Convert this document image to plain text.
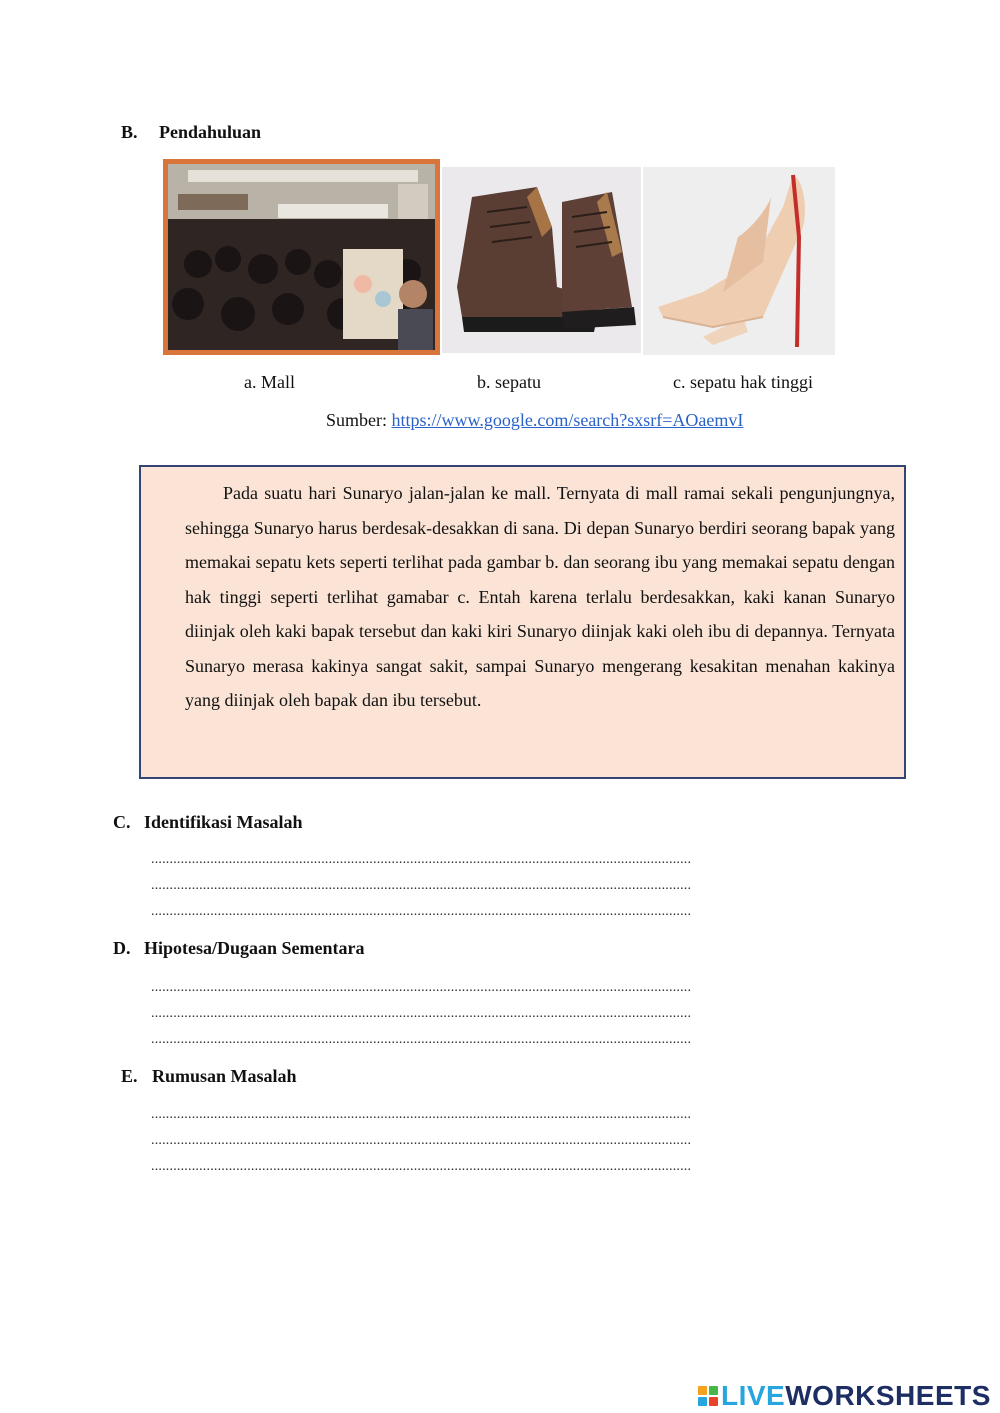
B. Pendahuluan
a. Mall	b. sepatu	c. sepatu hak tinggi
Sumber: https://www.google.com/search?sxsrf=AOaemvI

Pada suatu hari Sunaryo jalan-jalan ke mall. Ternyata di mall ramai sekali pengunjungnya, sehingga Sunaryo harus berdesak-desakkan di sana. Di depan Sunaryo berdiri seorang bapak yang memakai sepatu kets seperti terlihat pada gambar b. dan seorang ibu yang memakai sepatu dengan hak tinggi seperti terlihat gamabar c. Entah karena terlalu berdesakkan, kaki kanan Sunaryo diinjak oleh kaki bapak tersebut dan kaki kiri Sunaryo diinjak kaki oleh ibu di depannya. Ternyata Sunaryo merasa kakinya sangat sakit, sampai Sunaryo mengerang kesakitan menahan kakinya yang diinjak oleh bapak dan ibu tersebut.

C. Identifikasi Masalah
..................................................................................................................................................
..................................................................................................................................................
..................................................................................................................................................
D. Hipotesa/Dugaan Sementara
..................................................................................................................................................
..................................................................................................................................................
..................................................................................................................................................
E. Rumusan Masalah
..................................................................................................................................................
..................................................................................................................................................
..................................................................................................................................................
LIVE WORKSHEETS
